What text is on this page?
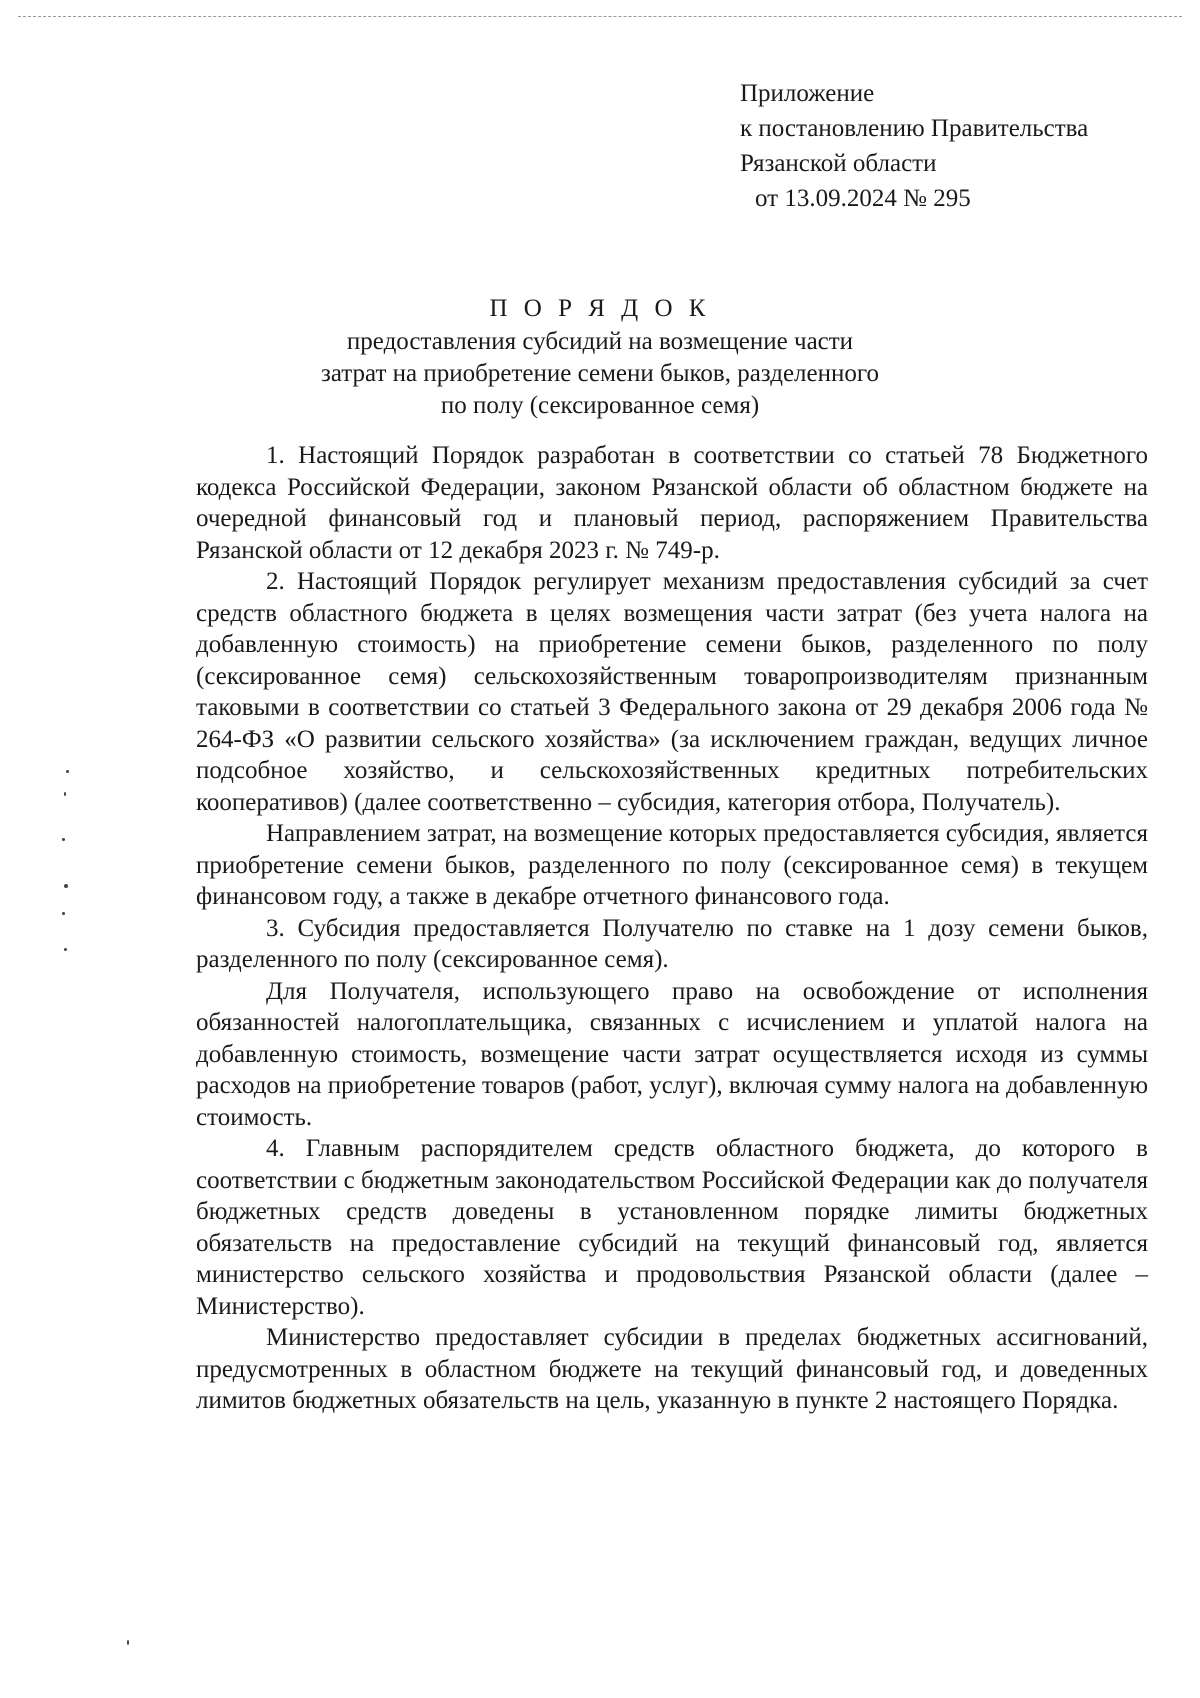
Приложение
к постановлению Правительства
Рязанской области
от 13.09.2024 № 295
П О Р Я Д О К
предоставления субсидий на возмещение части
затрат на приобретение семени быков, разделенного
по полу (сексированное семя)

1. Настоящий Порядок разработан в соответствии со статьей 78 Бюджетного кодекса Российской Федерации, законом Рязанской области об областном бюджете на очередной финансовый год и плановый период, распоряжением Правительства Рязанской области от 12 декабря 2023 г. № 749-р.

2. Настоящий Порядок регулирует механизм предоставления субсидий за счет средств областного бюджета в целях возмещения части затрат (без учета налога на добавленную стоимость) на приобретение семени быков, разделенного по полу (сексированное семя) сельскохозяйственным товаропроизводителям признанным таковыми в соответствии со статьей 3 Федерального закона от 29 декабря 2006 года № 264-ФЗ «О развитии сельского хозяйства» (за исключением граждан, ведущих личное подсобное хозяйство, и сельскохозяйственных кредитных потребительских кооперативов) (далее соответственно – субсидия, категория отбора, Получатель).

Направлением затрат, на возмещение которых предоставляется субсидия, является приобретение семени быков, разделенного по полу (сексированное семя) в текущем финансовом году, а также в декабре отчетного финансового года.

3. Субсидия предоставляется Получателю по ставке на 1 дозу семени быков, разделенного по полу (сексированное семя).

Для Получателя, использующего право на освобождение от исполнения обязанностей налогоплательщика, связанных с исчислением и уплатой налога на добавленную стоимость, возмещение части затрат осуществляется исходя из суммы расходов на приобретение товаров (работ, услуг), включая сумму налога на добавленную стоимость.

4. Главным распорядителем средств областного бюджета, до которого в соответствии с бюджетным законодательством Российской Федерации как до получателя бюджетных средств доведены в установленном порядке лимиты бюджетных обязательств на предоставление субсидий на текущий финансовый год, является министерство сельского хозяйства и продовольствия Рязанской области (далее – Министерство).

Министерство предоставляет субсидии в пределах бюджетных ассигнований, предусмотренных в областном бюджете на текущий финансовый год, и доведенных лимитов бюджетных обязательств на цель, указанную в пункте 2 настоящего Порядка.
